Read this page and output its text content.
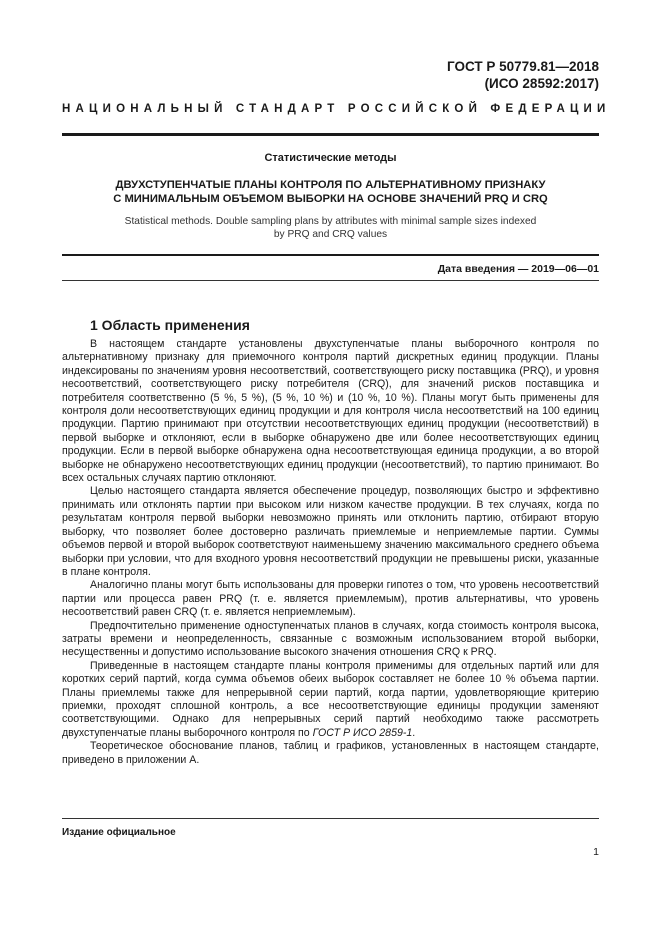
ГОСТ Р 50779.81—2018
(ИСО 28592:2017)
НАЦИОНАЛЬНЫЙ СТАНДАРТ РОССИЙСКОЙ ФЕДЕРАЦИИ
Статистические методы
ДВУХСТУПЕНЧАТЫЕ ПЛАНЫ КОНТРОЛЯ ПО АЛЬТЕРНАТИВНОМУ ПРИЗНАКУ
С МИНИМАЛЬНЫМ ОБЪЕМОМ ВЫБОРКИ НА ОСНОВЕ ЗНАЧЕНИЙ PRQ И CRQ
Statistical methods. Double sampling plans by attributes with minimal sample sizes indexed
by PRQ and CRQ values
Дата введения — 2019—06—01
1 Область применения

В настоящем стандарте установлены двухступенчатые планы выборочного контроля по альтернативному признаку для приемочного контроля партий дискретных единиц продукции. Планы индексированы по значениям уровня несоответствий, соответствующего риску поставщика (PRQ), и уровня несоответствий, соответствующего риску потребителя (CRQ), для значений рисков поставщика и потребителя соответственно (5 %, 5 %), (5 %, 10 %) и (10 %, 10 %). Планы могут быть применены для контроля доли несоответствующих единиц продукции и для контроля числа несоответствий на 100 единиц продукции. Партию принимают при отсутствии несоответствующих единиц продукции (несоответствий) в первой выборке и отклоняют, если в выборке обнаружено две или более несоответствующих единиц продукции. Если в первой выборке обнаружена одна несоответствующая единица продукции, а во второй выборке не обнаружено несоответствующих единиц продукции (несоответствий), то партию принимают. Во всех остальных случаях партию отклоняют.

Целью настоящего стандарта является обеспечение процедур, позволяющих быстро и эффективно принимать или отклонять партии при высоком или низком качестве продукции. В тех случаях, когда по результатам контроля первой выборки невозможно принять или отклонить партию, отбирают вторую выборку, что позволяет более достоверно различать приемлемые и неприемлемые партии. Суммы объемов первой и второй выборок соответствуют наименьшему значению максимального среднего объема выборки при условии, что для входного уровня несоответствий продукции не превышены риски, указанные в плане контроля.

Аналогично планы могут быть использованы для проверки гипотез о том, что уровень несоответствий партии или процесса равен PRQ (т. е. является приемлемым), против альтернативы, что уровень несоответствий равен CRQ (т. е. является неприемлемым).

Предпочтительно применение одноступенчатых планов в случаях, когда стоимость контроля высока, затраты времени и неопределенность, связанные с возможным использованием второй выборки, несущественны и допустимо использование высокого значения отношения CRQ к PRQ.

Приведенные в настоящем стандарте планы контроля применимы для отдельных партий или для коротких серий партий, когда сумма объемов обеих выборок составляет не более 10 % объема партии. Планы приемлемы также для непрерывной серии партий, когда партии, удовлетворяющие критерию приемки, проходят сплошной контроль, а все несоответствующие единицы продукции заменяют соответствующими. Однако для непрерывных серий партий необходимо также рассмотреть двухступенчатые планы выборочного контроля по ГОСТ Р ИСО 2859-1.

Теоретическое обоснование планов, таблиц и графиков, установленных в настоящем стандарте, приведено в приложении А.

Издание официальное
1
